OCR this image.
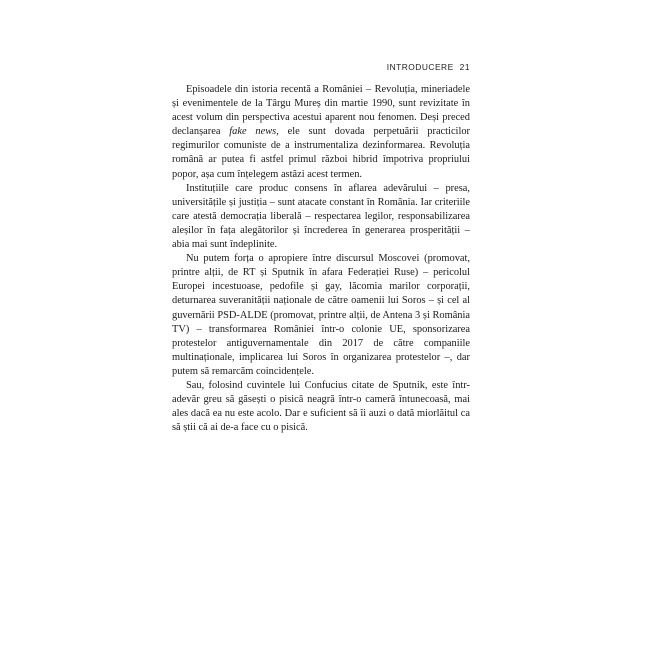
INTRODUCERE 21

Episoadele din istoria recentă a României – Revoluția, mineriadele și evenimentele de la Târgu Mureș din martie 1990, sunt revizitate în acest volum din perspectiva acestui aparent nou fenomen. Deși preced declanșarea fake news, ele sunt dovada perpetuării practicilor regimurilor comuniste de a instrumentaliza dezinformarea. Revoluția română ar putea fi astfel primul război hibrid împotriva propriului popor, așa cum înțelegem astăzi acest termen.

Instituțiile care produc consens în aflarea adevărului – presa, universitățile și justiția – sunt atacate constant în România. Iar criteriile care atestă democrația liberală – respectarea legilor, responsabilizarea aleșilor în fața alegătorilor și încrederea în generarea prosperității – abia mai sunt îndeplinite.

Nu putem forța o apropiere între discursul Moscovei (promovat, printre alții, de RT și Sputnik în afara Federației Ruse) – pericolul Europei incestuoase, pedofile și gay, lăcomia marilor corporații, deturnarea suveranității naționale de către oamenii lui Soros – și cel al guvernării PSD-ALDE (promovat, printre alții, de Antena 3 și România TV) – transformarea României într-o colonie UE, sponsorizarea protestelor antiguvernamentale din 2017 de către companiile multinaționale, implicarea lui Soros în organizarea protestelor –, dar putem să remarcăm coincidențele.

Sau, folosind cuvintele lui Confucius citate de Sputnik, este într-adevăr greu să găsești o pisică neagră într-o cameră întunecoasă, mai ales dacă ea nu este acolo. Dar e suficient să îi auzi o dată miorlăitul ca să știi că ai de-a face cu o pisică.
